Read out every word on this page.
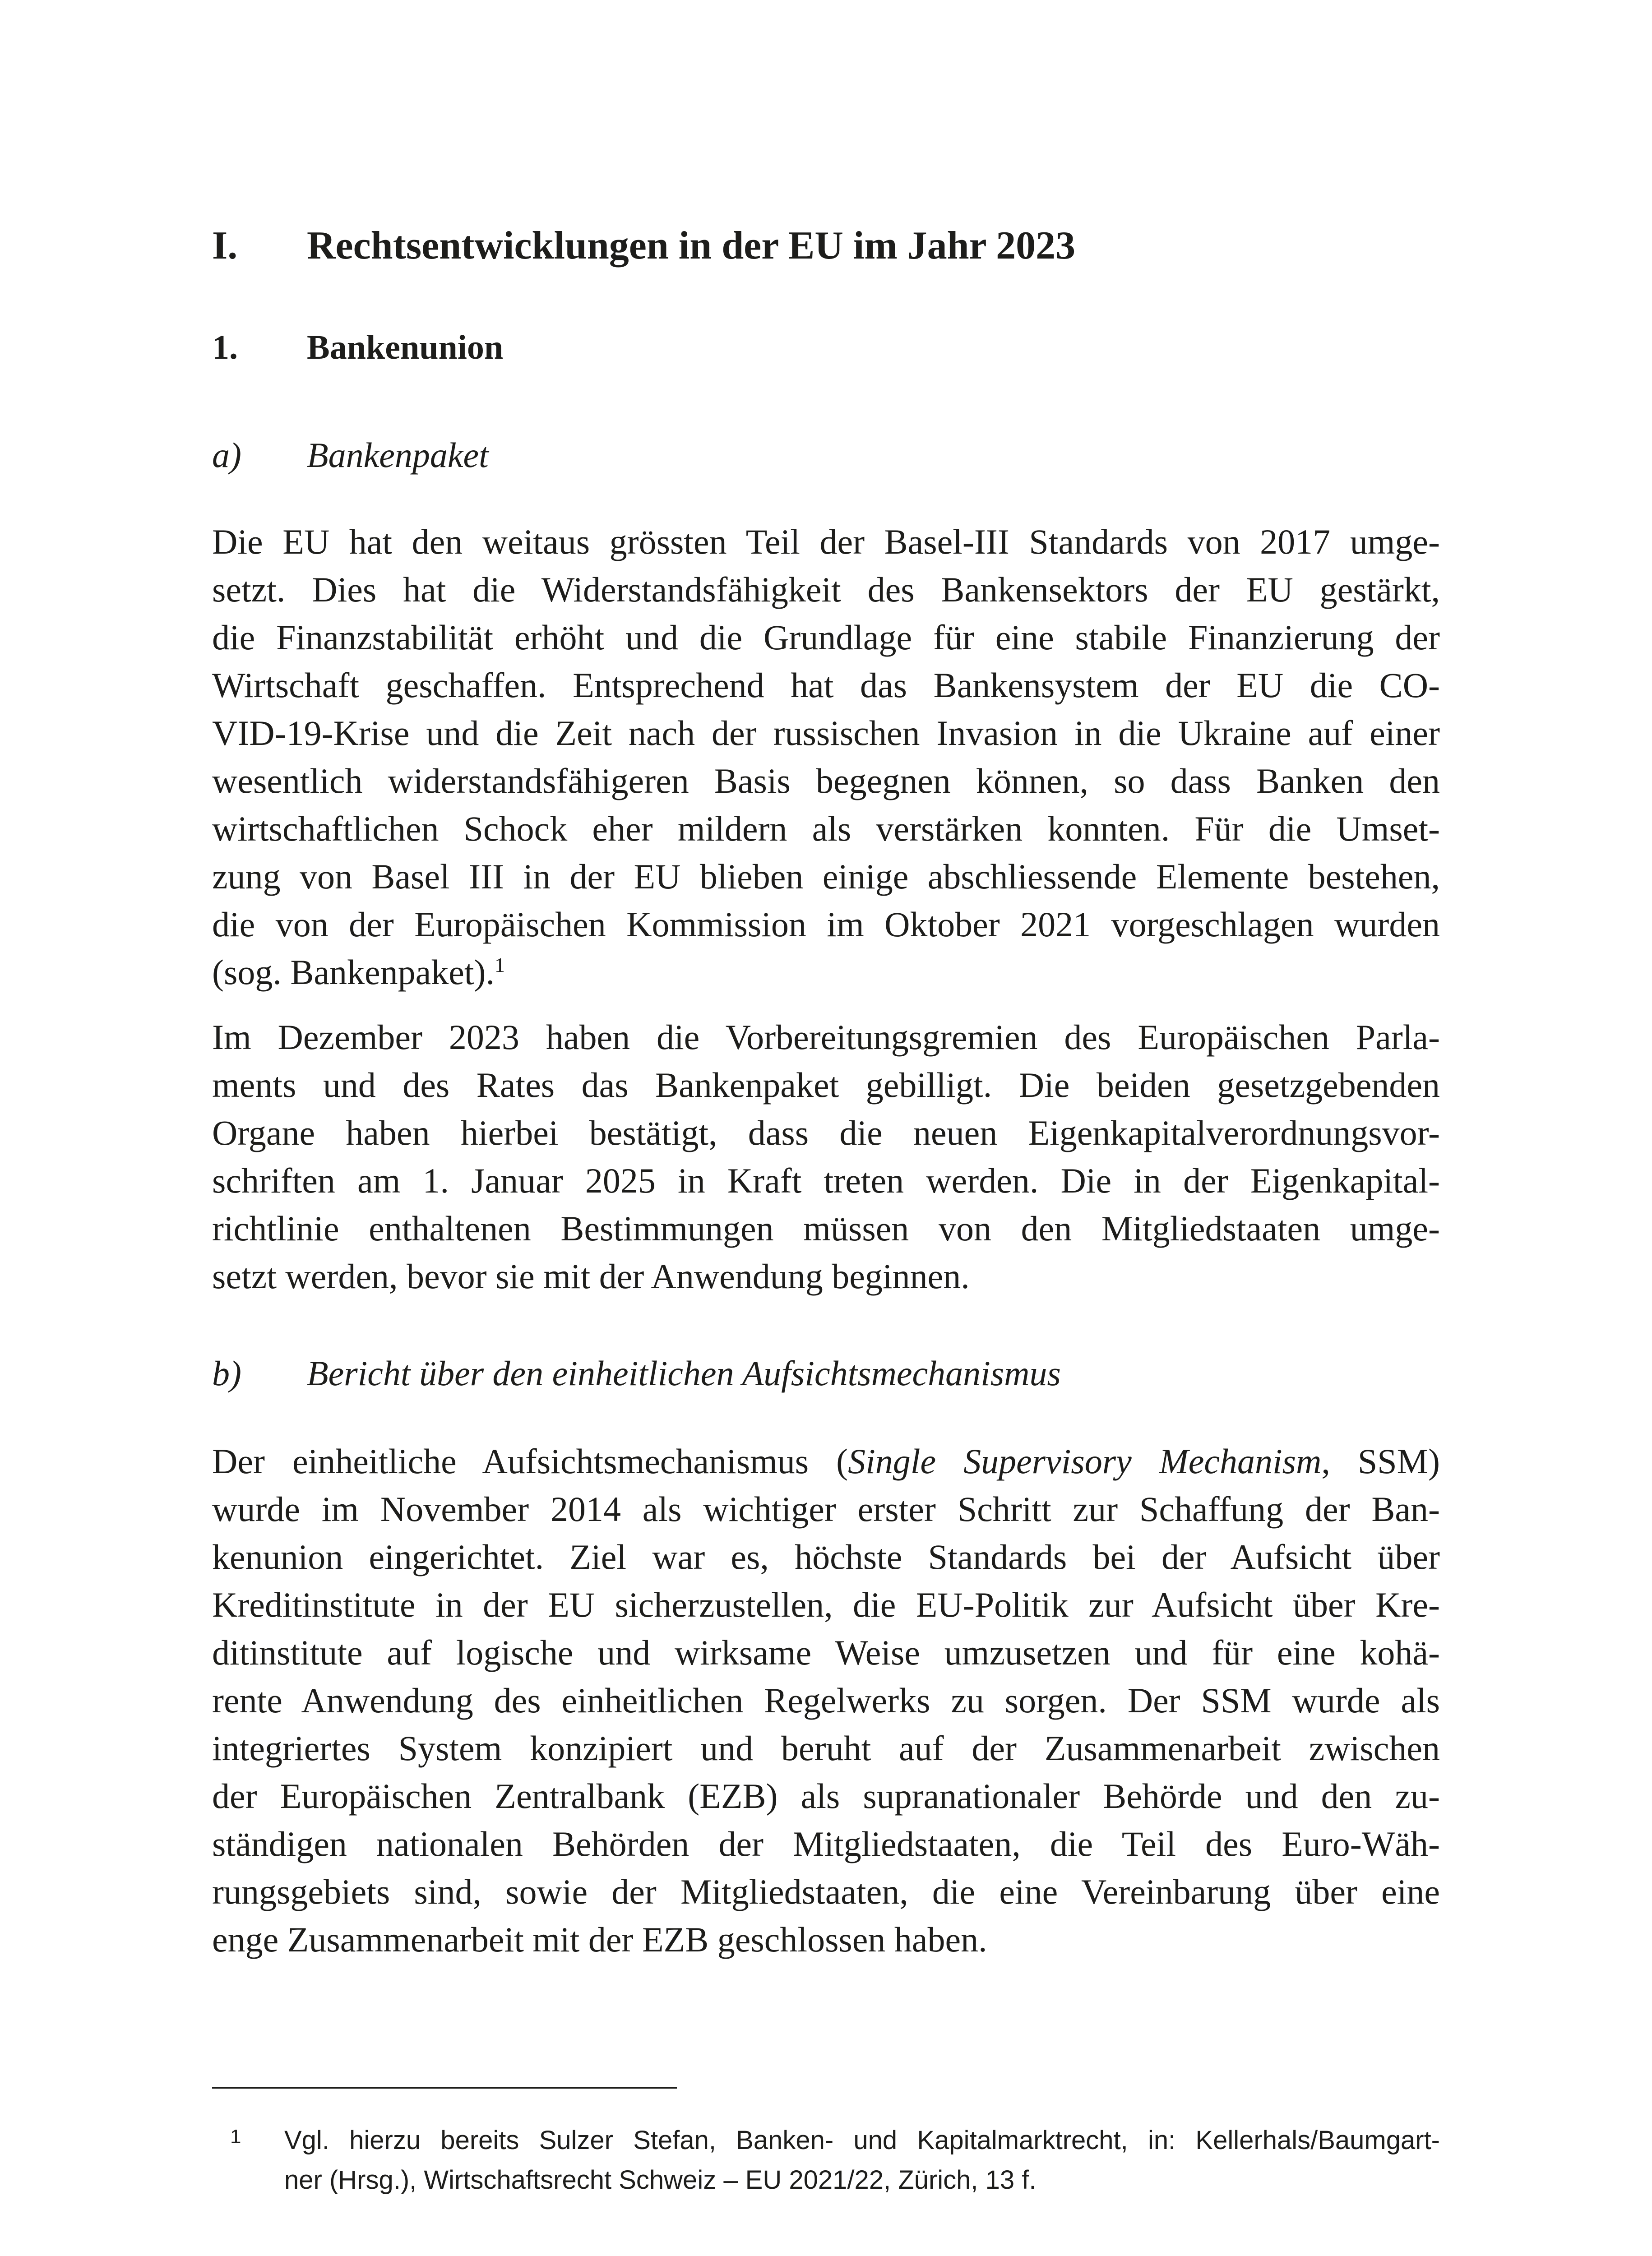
I. Rechtsentwicklungen in der EU im Jahr 2023
1. Bankenunion
a) Bankenpaket
Die EU hat den weitaus grössten Teil der Basel-III Standards von 2017 umge-
setzt. Dies hat die Widerstandsfähigkeit des Bankensektors der EU gestärkt,
die Finanzstabilität erhöht und die Grundlage für eine stabile Finanzierung der
Wirtschaft geschaffen. Entsprechend hat das Bankensystem der EU die CO-
VID-19-Krise und die Zeit nach der russischen Invasion in die Ukraine auf einer
wesentlich widerstandsfähigeren Basis begegnen können, so dass Banken den
wirtschaftlichen Schock eher mildern als verstärken konnten. Für die Umset-
zung von Basel III in der EU blieben einige abschliessende Elemente bestehen,
die von der Europäischen Kommission im Oktober 2021 vorgeschlagen wurden
(sog. Bankenpaket).$^1$
Im Dezember 2023 haben die Vorbereitungsgremien des Europäischen Parla-
ments und des Rates das Bankenpaket gebilligt. Die beiden gesetzgebenden
Organe haben hierbei bestätigt, dass die neuen Eigenkapitalverordnungsvor-
schriften am 1. Januar 2025 in Kraft treten werden. Die in der Eigenkapital-
richtlinie enthaltenen Bestimmungen müssen von den Mitgliedstaaten umge-
setzt werden, bevor sie mit der Anwendung beginnen.
b) Bericht über den einheitlichen Aufsichtsmechanismus
Der einheitliche Aufsichtsmechanismus (Single Supervisory Mechanism, SSM)
wurde im November 2014 als wichtiger erster Schritt zur Schaffung der Ban-
kenunion eingerichtet. Ziel war es, höchste Standards bei der Aufsicht über
Kreditinstitute in der EU sicherzustellen, die EU-Politik zur Aufsicht über Kre-
ditinstitute auf logische und wirksame Weise umzusetzen und für eine kohä-
rente Anwendung des einheitlichen Regelwerks zu sorgen. Der SSM wurde als
integriertes System konzipiert und beruht auf der Zusammenarbeit zwischen
der Europäischen Zentralbank (EZB) als supranationaler Behörde und den zu-
ständigen nationalen Behörden der Mitgliedstaaten, die Teil des Euro-Wäh-
rungsgebiets sind, sowie der Mitgliedstaaten, die eine Vereinbarung über eine
enge Zusammenarbeit mit der EZB geschlossen haben.
1 Vgl. hierzu bereits Sulzer Stefan, Banken- und Kapitalmarktrecht, in: Kellerhals/Baumgart-
ner (Hrsg.), Wirtschaftsrecht Schweiz – EU 2021/22, Zürich, 13 f.
